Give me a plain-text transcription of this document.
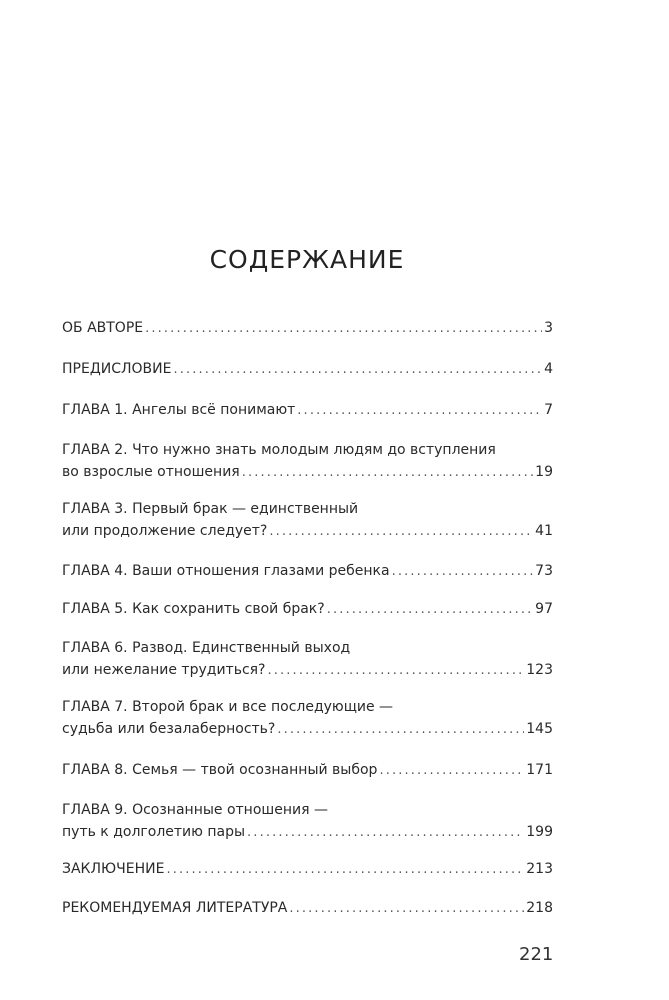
СОДЕРЖАНИЕ
ОБ АВТОРЕ . . .	3
ПРЕДИСЛОВИЕ . . .	4
ГЛАВА 1. Ангелы всё понимают . . .	7
ГЛАВА 2. Что нужно знать молодым людям до вступления
во взрослые отношения . . .	19
ГЛАВА 3. Первый брак — единственный
или продолжение следует? . . .	41
ГЛАВА 4. Ваши отношения глазами ребенка . . .	73
ГЛАВА 5. Как сохранить свой брак? . . .	97
ГЛАВА 6. Развод. Единственный выход
или нежелание трудиться? . . .	123
ГЛАВА 7. Второй брак и все последующие —
судьба или безалаберность? . . .	145
ГЛАВА 8. Семья — твой осознанный выбор . . .	171
ГЛАВА 9. Осознанные отношения —
путь к долголетию пары . . .	199
ЗАКЛЮЧЕНИЕ . . .	213
РЕКОМЕНДУЕМАЯ ЛИТЕРАТУРА . . .	218
221
